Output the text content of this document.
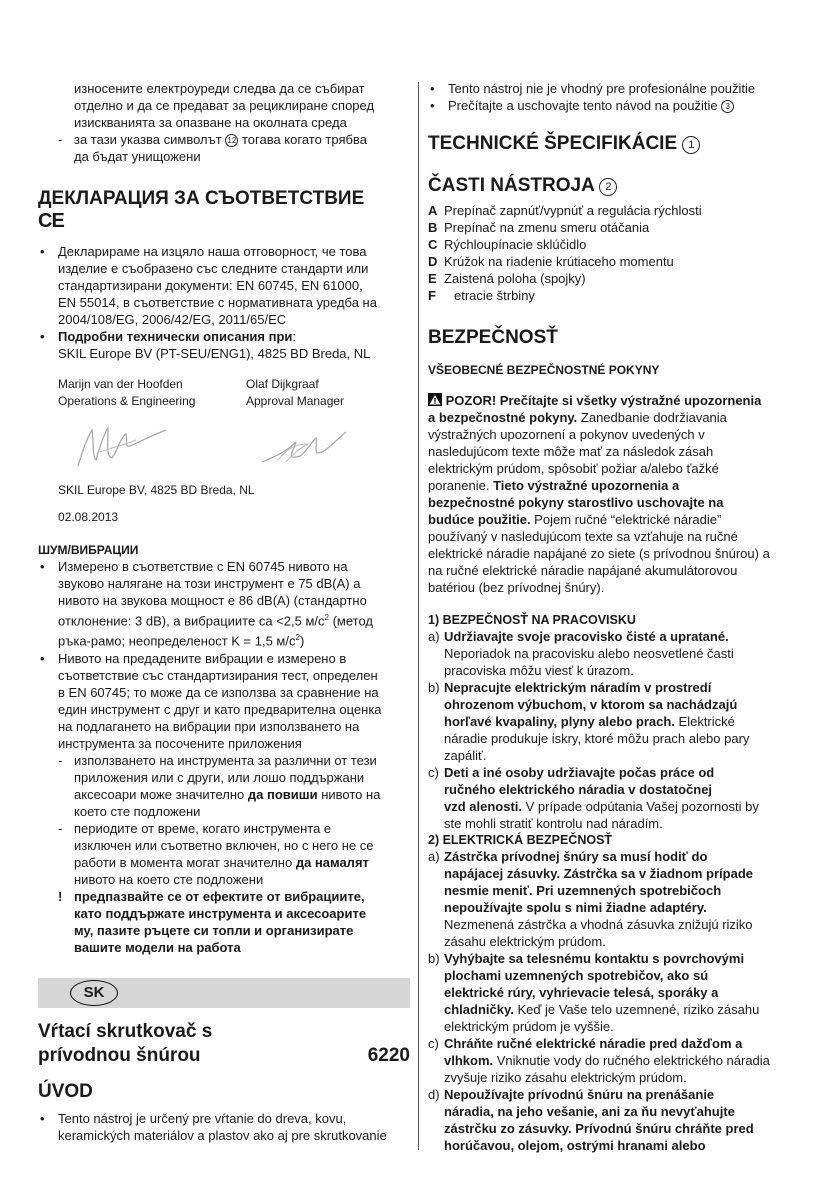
износените електроуреди следва да се събират
отделно и да се предават за рециклиране според
изискванията за опазване на околната среда
- за тази указва символът 12 тогава когато трябва
да бъдат унищожени
ДЕКЛАРАЦИЯ ЗА СЪОТВЕТСТВИЕ
CE
• Декларираме на изцяло наша отговорност, че това
изделие е съобразено със следните стандарти или
стандартизирани документи: EN 60745, EN 61000,
EN 55014, в съответствие с нормативната уредба на
2004/108/EG, 2006/42/EG, 2011/65/EC
• Подробни технически описания при:
SKIL Europe BV (PT-SEU/ENG1), 4825 BD Breda, NL
Marijn van der Hoofden
Operations & Engineering
Olaf Dijkgraaf
Approval Manager
SKIL Europe BV, 4825 BD Breda, NL
02.08.2013
ШУМ/ВИБРАЦИИ
• Измерено в съответствие с EN 60745 нивото на
звуково налягане на този инструмент е 75 dB(A) а
нивото на звукова мощност е 86 dB(A) (стандартно
отклонение: 3 dB), а вибрациите са <2,5 $м/с^2$ (метод
ръка-рамо; неопределеност K = 1,5 $м/с^2$)
• Нивото на предадените вибрации е измерено в
съответствие със стандартизирания тест, определен
в EN 60745; то може да се използва за сравнение на
един инструмент с друг и като предварителна оценка
на подлагането на вибрации при използването на
инструмента за посочените приложения
- използването на инструмента за различни от тези
приложения или с други, или лошо поддържани
аксесоари може значително да повиши нивото на
което сте подложени
- периодите от време, когато инструмента е
изключен или съответно включен, но с него не се
работи в момента могат значително да намалят
нивото на което сте подложени
! предпазвайте се от ефектите от вибрациите,
като поддържате инструмента и аксесоарите
му, пазите ръцете си топли и организирате
вашите модели на работа
SK
Vŕtací skrutkovač s
prívodnou šnúrou	6220
ÚVOD
• Tento nástroj je určený pre vŕtanie do dreva, kovu,
keramických materiálov a plastov ako aj pre skrutkovanie
• Tento nástroj nie je vhodný pre profesionálne použitie
• Prečítajte a uschovajte tento návod na použitie 3
TECHNICKÉ ŠPECIFIKÁCIE 1
ČASTI NÁSTROJA 2
A Prepínač zapnúť/vypnúť a regulácia rýchlosti
B Prepínač na zmenu smeru otáčania
C Rýchloupínacie sklúčidlo
D Krúžok na riadenie krútiaceho momentu
E Zaistená poloha (spojky)
F etracie štrbiny
BEZPEČNOSŤ
VŠEOBECNÉ BEZPEČNOSTNÉ POKYNY
POZOR! Prečítajte si všetky výstražné upozornenia
a bezpečnostné pokyny. Zanedbanie dodržiavania
výstražných upozornení a pokynov uvedených v
nasledujúcom texte môže mať za následok zásah
elektrickým prúdom, spôsobiť požiar a/alebo ťažké
poranenie. Tieto výstražné upozornenia a
bezpečnostné pokyny starostlivo uschovajte na
budúce použitie. Pojem ručné “elektrické náradie”
používaný v nasledujúcom texte sa vzťahuje na ručné
elektrické náradie napájané zo siete (s prívodnou šnúrou) a
na ručné elektrické náradie napájané akumulátorovou
batériou (bez prívodnej šnúry).
1) BEZPEČNOSŤ NA PRACOVISKU
a) Udržiavajte svoje pracovisko čisté a upratané.
Neporiadok na pracovisku alebo neosvetlené časti
pracoviska môžu viesť k úrazom.
b) Nepracujte elektrickým náradím v prostredí
ohrozenom výbuchom, v ktorom sa nachádzajú
horľavé kvapaliny, plyny alebo prach. Elektrické
náradie produkuje iskry, ktoré môžu prach alebo pary
zapáliť.
c) Deti a iné osoby udržiavajte počas práce od
ručného elektrického náradia v dostatočnej
vzd alenosti. V prípade odpútania Vašej pozornosti by
ste mohli stratiť kontrolu nad náradím.
2) ELEKTRICKÁ BEZPEČNOSŤ
a) Zástrčka prívodnej šnúry sa musí hodiť do
napájacej zásuvky. Zástrčka sa v žiadnom prípade
nesmie meniť. Pri uzemnených spotrebičoch
nepoužívajte spolu s nimi žiadne adaptéry.
Nezmenená zástrčka a vhodná zásuvka znižujú riziko
zásahu elektrickým prúdom.
b) Vyhýbajte sa telesnému kontaktu s povrchovými
plochami uzemnených spotrebičov, ako sú
elektrické rúry, vyhrievacie telesá, sporáky a
chladničky. Keď je Vaše telo uzemnené, riziko zásahu
elektrickým prúdom je vyššie.
c) Chráňte ručné elektrické náradie pred dažďom a
vlhkom. Vniknutie vody do ručného elektrického náradia
zvyšuje riziko zásahu elektrickým prúdom.
d) Nepoužívajte prívodnú šnúru na prenášanie
náradia, na jeho vešanie, ani za ňu nevyťahujte
zástrčku zo zásuvky. Prívodnú šnúru chráňte pred
horúčavou, olejom, ostrými hranami alebo
